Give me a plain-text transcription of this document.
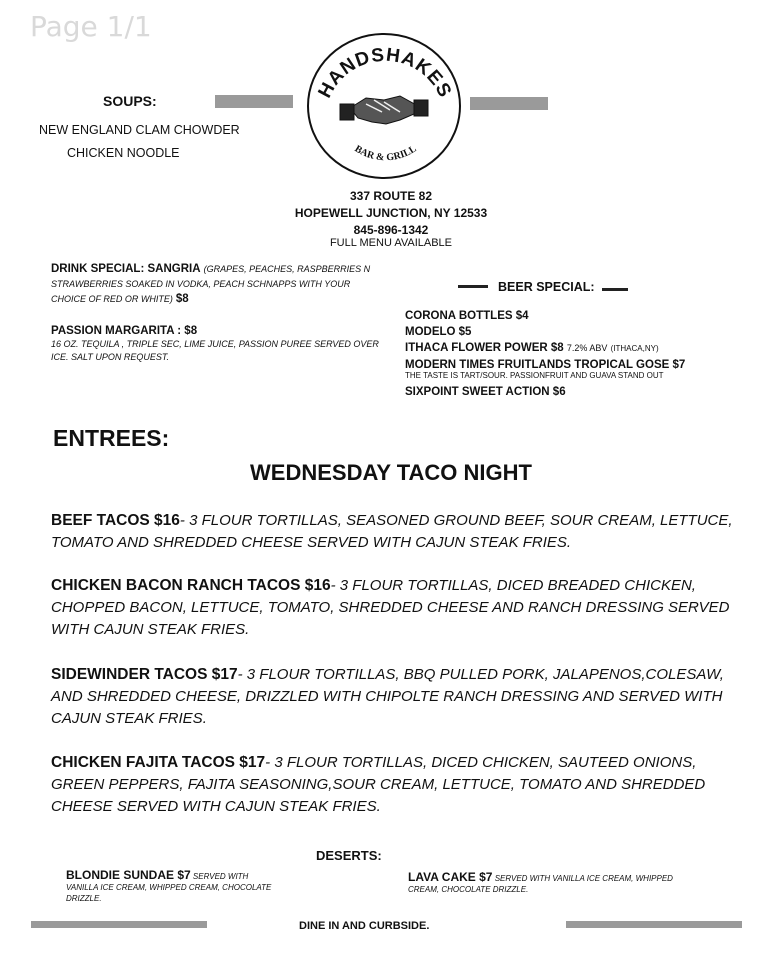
Page 1/1
HANDSHAKES
BAR & GRILL
SOUPS:
NEW ENGLAND CLAM CHOWDER
CHICKEN NOODLE
337 ROUTE 82
HOPEWELL JUNCTION, NY 12533
845-896-1342
FULL MENU AVAILABLE
DRINK SPECIAL: SANGRIA (GRAPES, PEACHES, RASPBERRIES N STRAWBERRIES SOAKED IN VODKA, PEACH SCHNAPPS WITH YOUR CHOICE OF RED OR WHITE) $8
PASSION MARGARITA : $8
16 OZ. TEQUILA , TRIPLE SEC, LIME JUICE, PASSION PUREE SERVED OVER ICE. SALT UPON REQUEST.
BEER SPECIAL:
CORONA BOTTLES $4
MODELO $5
ITHACA FLOWER POWER $8 7.2% ABV (ITHACA,NY)
MODERN TIMES FRUITLANDS TROPICAL GOSE $7
THE TASTE IS TART/SOUR. PASSIONFRUIT AND GUAVA STAND OUT
SIXPOINT SWEET ACTION $6
ENTREES:
WEDNESDAY TACO NIGHT
BEEF TACOS $16- 3 FLOUR TORTILLAS, SEASONED GROUND BEEF, SOUR CREAM, LETTUCE, TOMATO AND SHREDDED CHEESE SERVED WITH CAJUN STEAK FRIES.
CHICKEN BACON RANCH TACOS $16- 3 FLOUR TORTILLAS, DICED BREADED CHICKEN, CHOPPED BACON, LETTUCE, TOMATO, SHREDDED CHEESE AND RANCH DRESSING SERVED WITH CAJUN STEAK FRIES.
SIDEWINDER TACOS $17- 3 FLOUR TORTILLAS, BBQ PULLED PORK, JALAPENOS,COLESAW, AND SHREDDED CHEESE, DRIZZLED WITH CHIPOLTE RANCH DRESSING AND SERVED WITH CAJUN STEAK FRIES.
CHICKEN FAJITA TACOS $17- 3 FLOUR TORTILLAS, DICED CHICKEN, SAUTEED ONIONS, GREEN PEPPERS, FAJITA SEASONING,SOUR CREAM, LETTUCE, TOMATO AND SHREDDED CHEESE SERVED WITH CAJUN STEAK FRIES.
DESERTS:
BLONDIE SUNDAE $7 SERVED WITH VANILLA ICE CREAM, WHIPPED CREAM, CHOCOLATE DRIZZLE.
LAVA CAKE $7 SERVED WITH VANILLA ICE CREAM, WHIPPED CREAM, CHOCOLATE DRIZZLE.
DINE IN AND CURBSIDE.
